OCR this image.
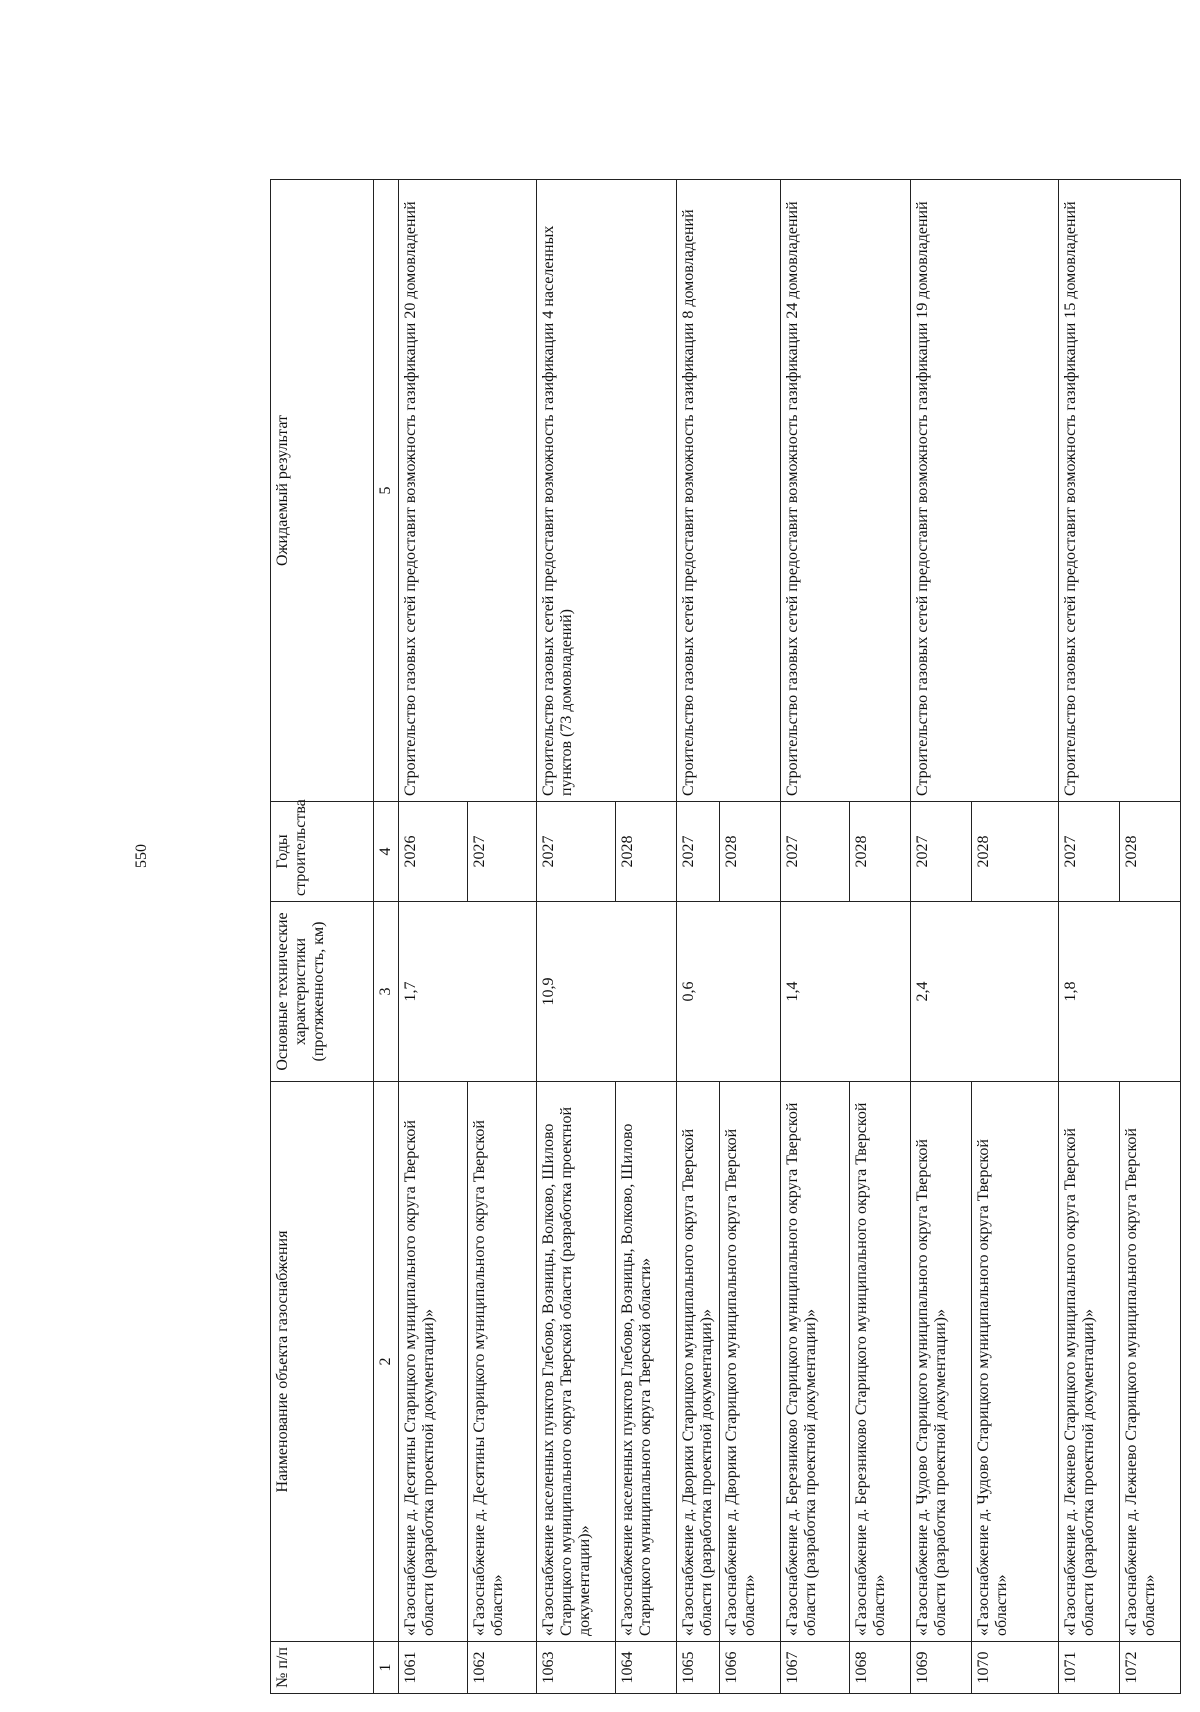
550
№ п/п	Наименование объекта газоснабжения	Основные технические характеристики (протяженность, км)	Годы строительства	Ожидаемый результат
1	2	3	4	5
1061	«Газоснабжение д. Десятины Старицкого муниципального округа Тверской области (разработка проектной документации)»	1,7	2026	Строительство газовых сетей предоставит возможность газификации 20 домовладений
1062	«Газоснабжение д. Десятины Старицкого муниципального округа Тверской области»		2027	
1063	«Газоснабжение населенных пунктов Глебово, Возницы, Волково, Шилово Старицкого муниципального округа Тверской области (разработка проектной документации)»	10,9	2027	Строительство газовых сетей предоставит возможность газификации 4 населенных пунктов (73 домовладений)
1064	«Газоснабжение населенных пунктов Глебово, Возницы, Волково, Шилово Старицкого муниципального округа Тверской области»		2028	
1065	«Газоснабжение д. Дворики Старицкого муниципального округа Тверской области (разработка проектной документации)»	0,6	2027	Строительство газовых сетей предоставит возможность газификации 8 домовладений
1066	«Газоснабжение д. Дворики Старицкого муниципального округа Тверской области»		2028	
1067	«Газоснабжение д. Березниково Старицкого муниципального округа Тверской области (разработка проектной документации)»	1,4	2027	Строительство газовых сетей предоставит возможность газификации 24 домовладений
1068	«Газоснабжение д. Березниково Старицкого муниципального округа Тверской области»		2028	
1069	«Газоснабжение д. Чудово Старицкого муниципального округа Тверской области (разработка проектной документации)»	2,4	2027	Строительство газовых сетей предоставит возможность газификации 19 домовладений
1070	«Газоснабжение д. Чудово Старицкого муниципального округа Тверской области»		2028	
1071	«Газоснабжение д. Лежнево Старицкого муниципального округа Тверской области (разработка проектной документации)»	1,8	2027	Строительство газовых сетей предоставит возможность газификации 15 домовладений
1072	«Газоснабжение д. Лежнево Старицкого муниципального округа Тверской области»		2028	
